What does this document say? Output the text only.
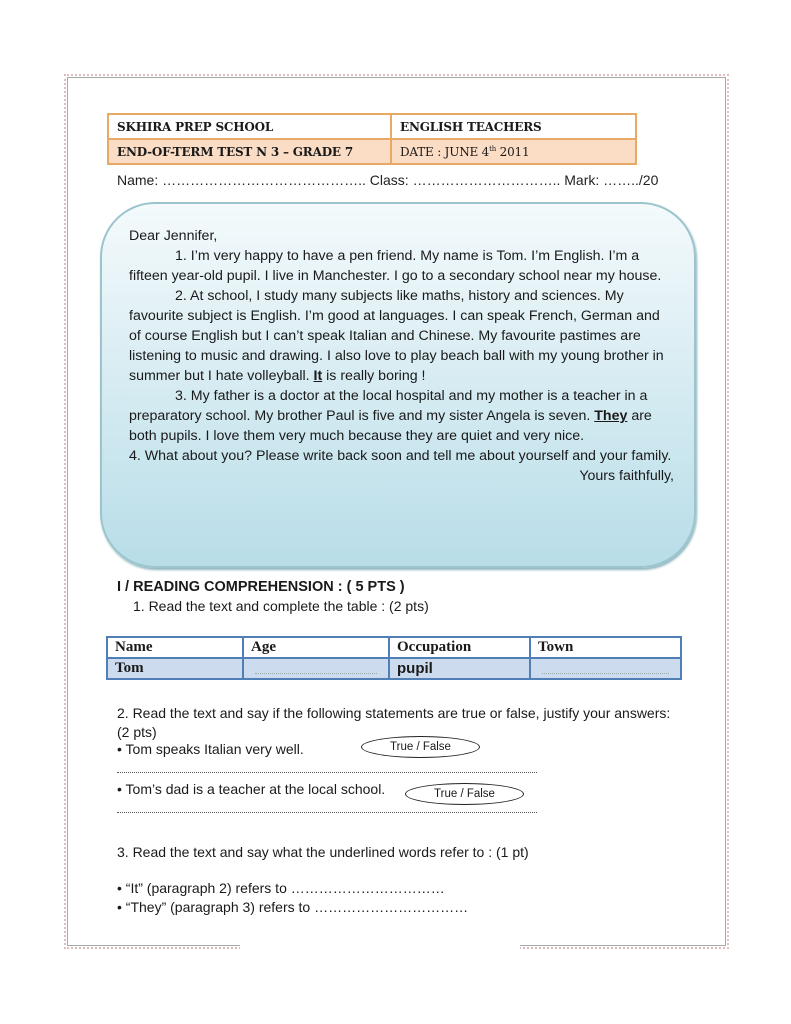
SKHIRA PREP SCHOOL	ENGLISH TEACHERS
END-OF-TERM TEST N 3 – GRADE 7	DATE : JUNE 4th 2011
Name: …………………………………….. Class: ………………………….. Mark: ……../20

Dear Jennifer,

1. I’m very happy to have a pen friend. My name is Tom. I’m English. I’m a fifteen year-old pupil. I live in Manchester. I go to a secondary school near my house.

2. At school, I study many subjects like maths, history and sciences. My favourite subject is English. I’m good at languages. I can speak French, German and of course English but I can’t speak Italian and Chinese. My favourite pastimes are listening to music and drawing. I also love to play beach ball with my young brother in summer but I hate volleyball. It is really boring !

3. My father is a doctor at the local hospital and my mother is a teacher in a preparatory school. My brother Paul is five and my sister Angela is seven. They are both pupils. I love them very much because they are quiet and very nice.

4. What about you? Please write back soon and tell me about yourself and your family.

Yours faithfully,

I / READING COMPREHENSION : ( 5 PTS )
1. Read the text and complete the table : (2 pts)
Name	Age	Occupation	Town
Tom		pupil	
2. Read the text and say if the following statements are true or false, justify your answers: (2 pts)
• Tom speaks Italian very well.	True / False
• Tom’s dad is a teacher at the local school.	True / False
3. Read the text and say what the underlined words refer to : (1 pt)
• “It” (paragraph 2) refers to ……………………………
• “They” (paragraph 3) refers to ……………………………
